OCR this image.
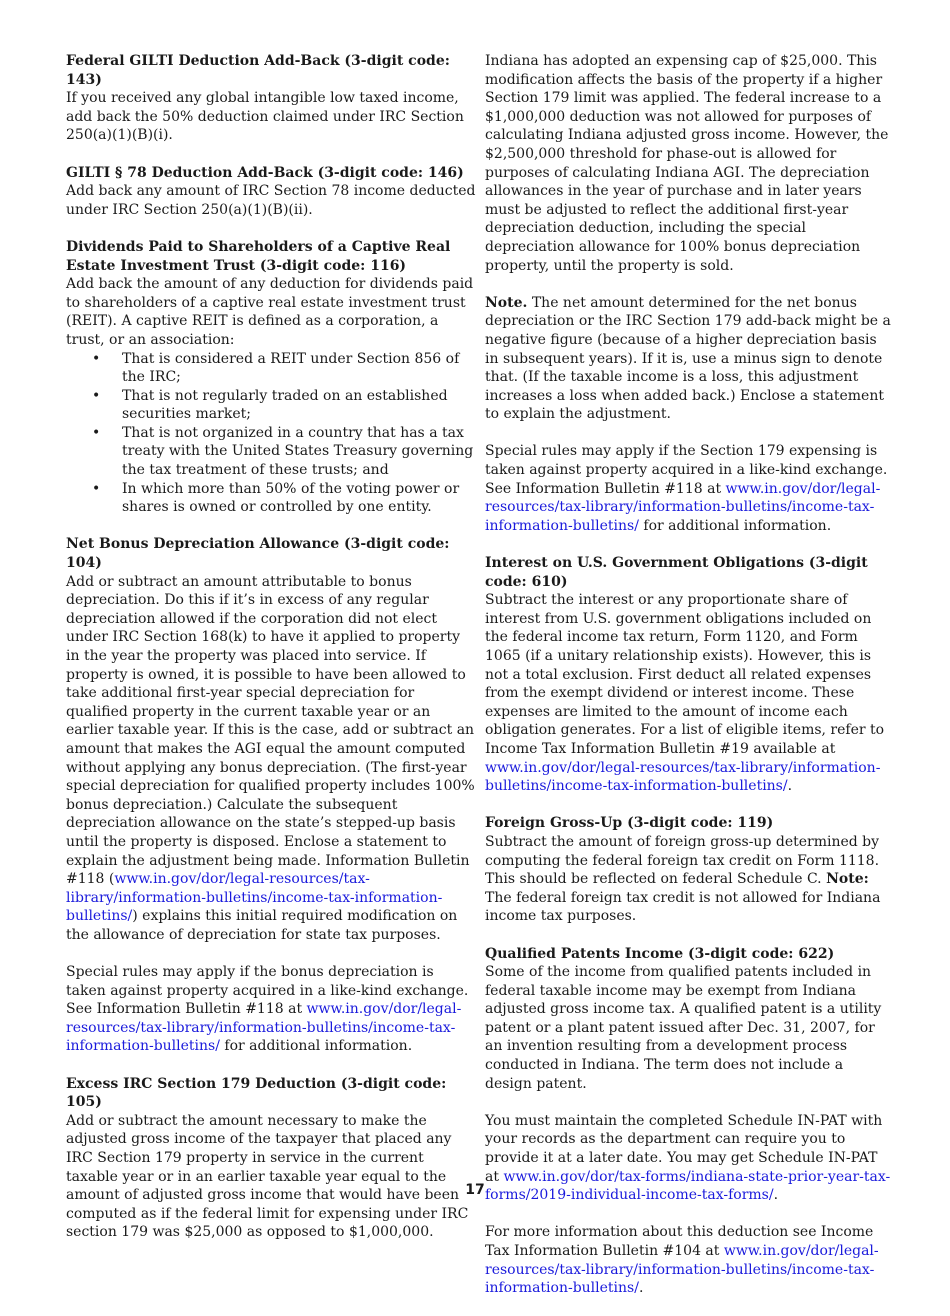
Federal GILTI Deduction Add-Back (3-digit code: 143)

If you received any global intangible low taxed income, add back the 50% deduction claimed under IRC Section 250(a)(1)(B)(i).

GILTI § 78 Deduction Add-Back (3-digit code: 146)

Add back any amount of IRC Section 78 income deducted under IRC Section 250(a)(1)(B)(ii).

Dividends Paid to Shareholders of a Captive Real Estate Investment Trust (3-digit code: 116)

Add back the amount of any deduction for dividends paid to shareholders of a captive real estate investment trust (REIT). A captive REIT is defined as a corporation, a trust, or an association:

• That is considered a REIT under Section 856 of the IRC;
• That is not regularly traded on an established securities market;
• That is not organized in a country that has a tax treaty with the United States Treasury governing the tax treatment of these trusts; and
• In which more than 50% of the voting power or shares is owned or controlled by one entity.

Net Bonus Depreciation Allowance (3-digit code: 104)

Add or subtract an amount attributable to bonus depreciation. Do this if it’s in excess of any regular depreciation allowed if the corporation did not elect under IRC Section 168(k) to have it applied to property in the year the property was placed into service. If property is owned, it is possible to have been allowed to take additional first-year special depreciation for qualified property in the current taxable year or an earlier taxable year. If this is the case, add or subtract an amount that makes the AGI equal the amount computed without applying any bonus depreciation. (The first-year special depreciation for qualified property includes 100% bonus depreciation.) Calculate the subsequent depreciation allowance on the state’s stepped-up basis until the property is disposed. Enclose a statement to explain the adjustment being made. Information Bulletin #118 (www.in.gov/dor/legal-resources/tax-library/information-bulletins/income-tax-information-bulletins/) explains this initial required modification on the allowance of depreciation for state tax purposes.

Special rules may apply if the bonus depreciation is taken against property acquired in a like-kind exchange. See Information Bulletin #118 at www.in.gov/dor/legal-resources/tax-library/information-bulletins/income-tax-information-bulletins/ for additional information.

Excess IRC Section 179 Deduction (3-digit code: 105)

Add or subtract the amount necessary to make the adjusted gross income of the taxpayer that placed any IRC Section 179 property in service in the current taxable year or in an earlier taxable year equal to the amount of adjusted gross income that would have been computed as if the federal limit for expensing under IRC section 179 was $25,000 as opposed to $1,000,000.

Indiana has adopted an expensing cap of $25,000. This modification affects the basis of the property if a higher Section 179 limit was applied. The federal increase to a $1,000,000 deduction was not allowed for purposes of calculating Indiana adjusted gross income. However, the $2,500,000 threshold for phase-out is allowed for purposes of calculating Indiana AGI. The depreciation allowances in the year of purchase and in later years must be adjusted to reflect the additional first-year depreciation deduction, including the special depreciation allowance for 100% bonus depreciation property, until the property is sold.

Note. The net amount determined for the net bonus depreciation or the IRC Section 179 add-back might be a negative figure (because of a higher depreciation basis in subsequent years). If it is, use a minus sign to denote that. (If the taxable income is a loss, this adjustment increases a loss when added back.) Enclose a statement to explain the adjustment.

Special rules may apply if the Section 179 expensing is taken against property acquired in a like-kind exchange. See Information Bulletin #118 at www.in.gov/dor/legal-resources/tax-library/information-bulletins/income-tax-information-bulletins/ for additional information.

Interest on U.S. Government Obligations (3-digit code: 610)

Subtract the interest or any proportionate share of interest from U.S. government obligations included on the federal income tax return, Form 1120, and Form 1065 (if a unitary relationship exists). However, this is not a total exclusion. First deduct all related expenses from the exempt dividend or interest income. These expenses are limited to the amount of income each obligation generates. For a list of eligible items, refer to Income Tax Information Bulletin #19 available at www.in.gov/dor/legal-resources/tax-library/information-bulletins/income-tax-information-bulletins/.

Foreign Gross-Up (3-digit code: 119)

Subtract the amount of foreign gross-up determined by computing the federal foreign tax credit on Form 1118. This should be reflected on federal Schedule C. Note: The federal foreign tax credit is not allowed for Indiana income tax purposes.

Qualified Patents Income (3-digit code: 622)

Some of the income from qualified patents included in federal taxable income may be exempt from Indiana adjusted gross income tax. A qualified patent is a utility patent or a plant patent issued after Dec. 31, 2007, for an invention resulting from a development process conducted in Indiana. The term does not include a design patent.

You must maintain the completed Schedule IN-PAT with your records as the department can require you to provide it at a later date. You may get Schedule IN-PAT at www.in.gov/dor/tax-forms/indiana-state-prior-year-tax-forms/2019-individual-income-tax-forms/.

For more information about this deduction see Income Tax Information Bulletin #104 at www.in.gov/dor/legal-resources/tax-library/information-bulletins/income-tax-information-bulletins/.

17
